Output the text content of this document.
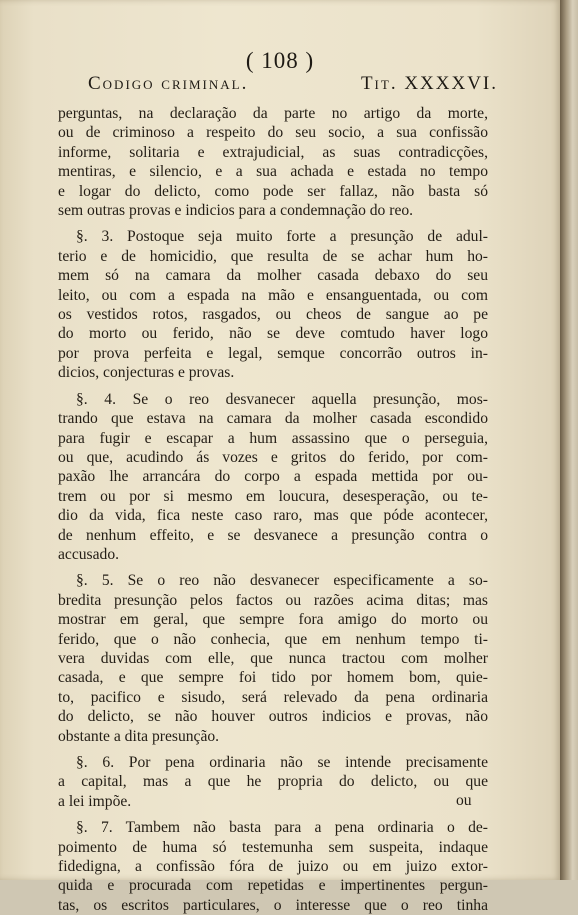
( 108 )
Codigo criminal.	Tit. XXXXVI.
perguntas, na declaração da parte no artigo da morte,
ou de criminoso a respeito do seu socio, a sua confissão
informe, solitaria e extrajudicial, as suas contradicções,
mentiras, e silencio, e a sua achada e estada no tempo
e logar do delicto, como pode ser fallaz, não basta só
sem outras provas e indicios para a condemnação do reo.
§. 3. Postoque seja muito forte a presunção de adul-
terio e de homicidio, que resulta de se achar hum ho-
mem só na camara da molher casada debaxo do seu
leito, ou com a espada na mão e ensanguentada, ou com
os vestidos rotos, rasgados, ou cheos de sangue ao pe
do morto ou ferido, não se deve comtudo haver logo
por prova perfeita e legal, semque concorrão outros in-
dicios, conjecturas e provas.
§. 4. Se o reo desvanecer aquella presunção, mos-
trando que estava na camara da molher casada escondido
para fugir e escapar a hum assassino que o perseguia,
ou que, acudindo ás vozes e gritos do ferido, por com-
paxão lhe arrancára do corpo a espada mettida por ou-
trem ou por si mesmo em loucura, desesperação, ou te-
dio da vida, fica neste caso raro, mas que póde acontecer,
de nenhum effeito, e se desvanece a presunção contra o
accusado.
§. 5. Se o reo não desvanecer especificamente a so-
bredita presunção pelos factos ou razões acima ditas; mas
mostrar em geral, que sempre fora amigo do morto ou
ferido, que o não conhecia, que em nenhum tempo ti-
vera duvidas com elle, que nunca tractou com molher
casada, e que sempre foi tido por homem bom, quie-
to, pacifico e sisudo, será relevado da pena ordinaria
do delicto, se não houver outros indicios e provas, não
obstante a dita presunção.
§. 6. Por pena ordinaria não se intende precisamente
a capital, mas a que he propria do delicto, ou que
a lei impõe.
§. 7. Tambem não basta para a pena ordinaria o de-
poimento de huma só testemunha sem suspeita, indaque
fidedigna, a confissão fóra de juizo ou em juizo extor-
quida e procurada com repetidas e impertinentes pergun-
tas, os escritos particulares, o interesse que o reo tinha
ou
